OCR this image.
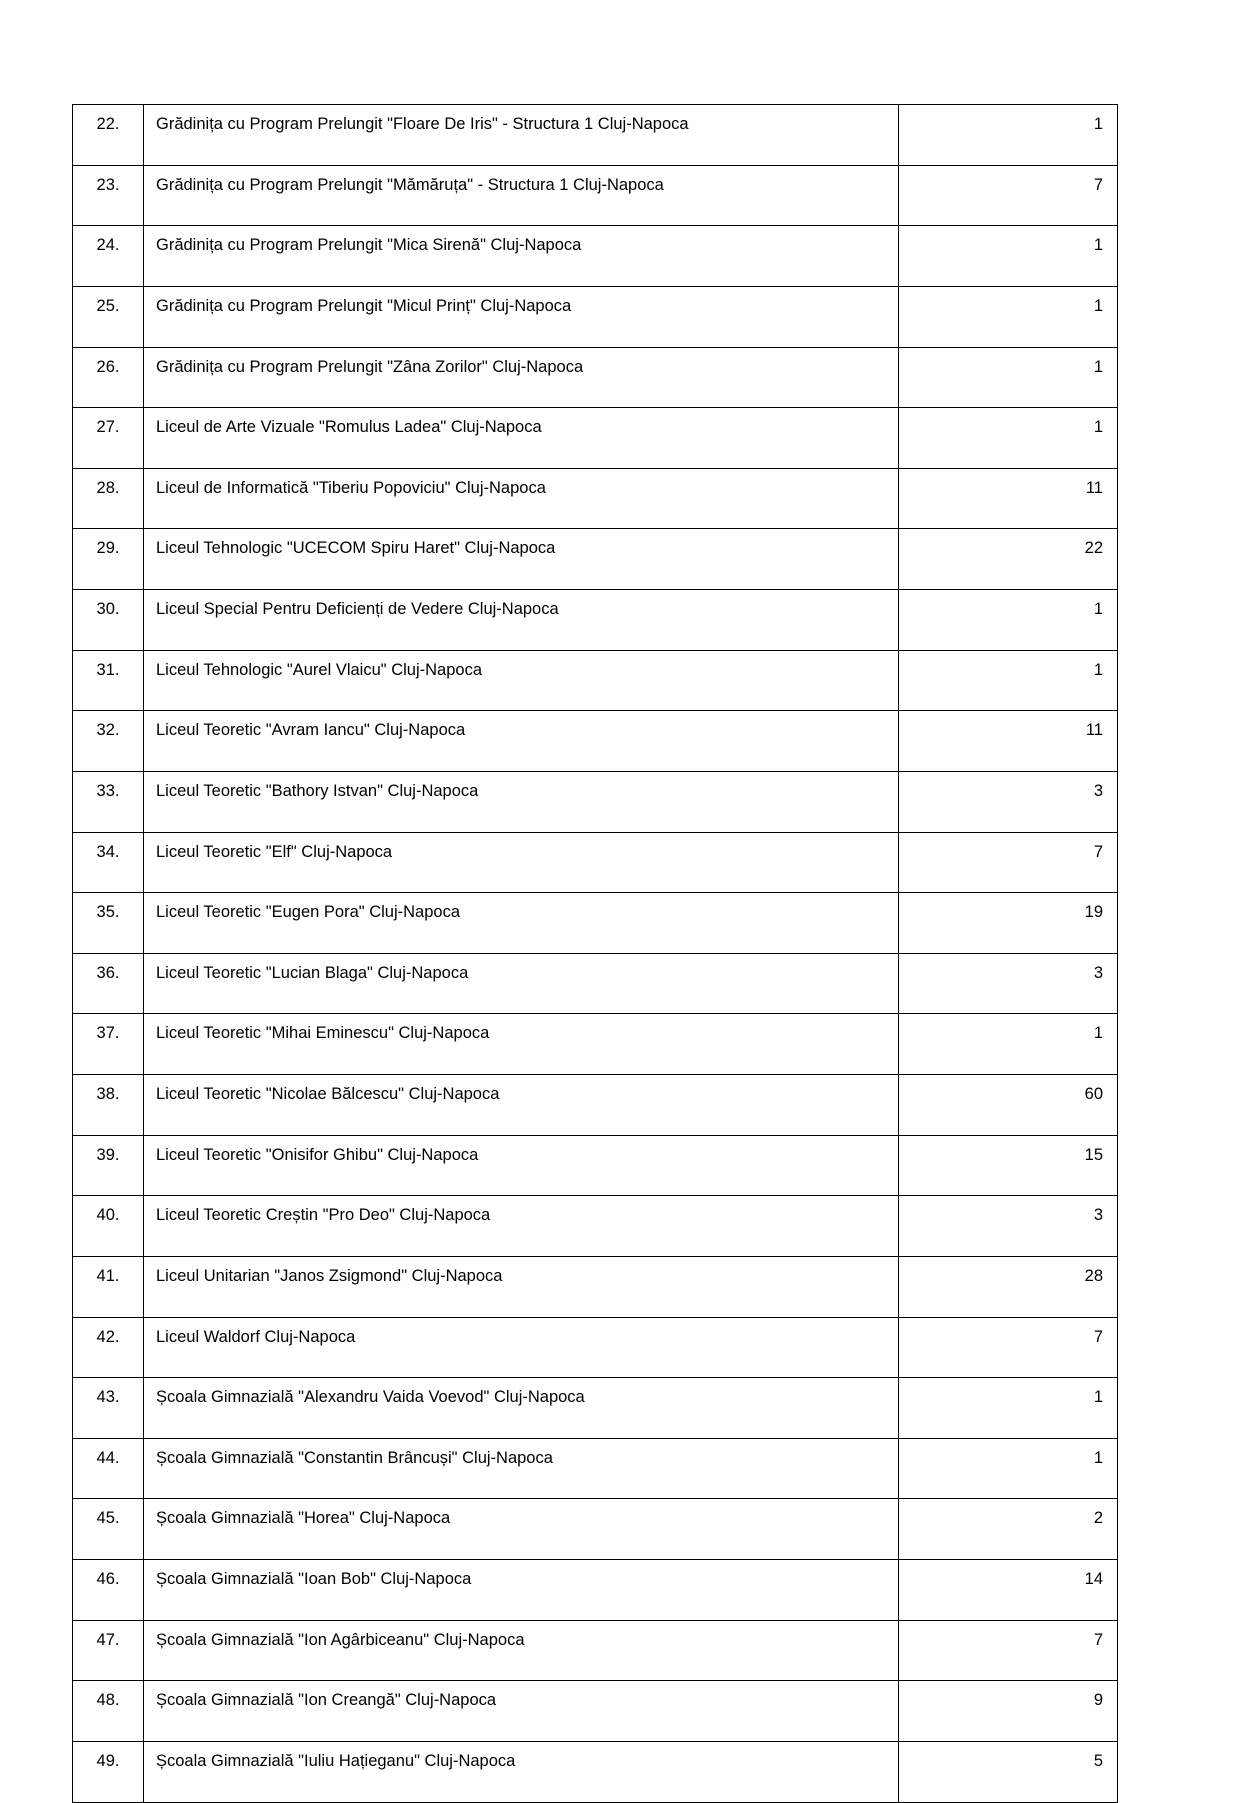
22.	Grădinița cu Program Prelungit "Floare De Iris" - Structura 1 Cluj-Napoca	1
23.	Grădinița cu Program Prelungit "Mămăruța" - Structura 1 Cluj-Napoca	7
24.	Grădinița cu Program Prelungit "Mica Sirenă" Cluj-Napoca	1
25.	Grădinița cu Program Prelungit "Micul Prinț" Cluj-Napoca	1
26.	Grădinița cu Program Prelungit "Zâna Zorilor" Cluj-Napoca	1
27.	Liceul de Arte Vizuale "Romulus Ladea" Cluj-Napoca	1
28.	Liceul de Informatică "Tiberiu Popoviciu" Cluj-Napoca	11
29.	Liceul Tehnologic "UCECOM Spiru Haret" Cluj-Napoca	22
30.	Liceul Special Pentru Deficienți de Vedere Cluj-Napoca	1
31.	Liceul Tehnologic "Aurel Vlaicu" Cluj-Napoca	1
32.	Liceul Teoretic "Avram Iancu" Cluj-Napoca	11
33.	Liceul Teoretic "Bathory Istvan" Cluj-Napoca	3
34.	Liceul Teoretic "Elf" Cluj-Napoca	7
35.	Liceul Teoretic "Eugen Pora" Cluj-Napoca	19
36.	Liceul Teoretic "Lucian Blaga" Cluj-Napoca	3
37.	Liceul Teoretic "Mihai Eminescu" Cluj-Napoca	1
38.	Liceul Teoretic "Nicolae Bălcescu" Cluj-Napoca	60
39.	Liceul Teoretic "Onisifor Ghibu" Cluj-Napoca	15
40.	Liceul Teoretic Creștin "Pro Deo" Cluj-Napoca	3
41.	Liceul Unitarian "Janos Zsigmond" Cluj-Napoca	28
42.	Liceul Waldorf Cluj-Napoca	7
43.	Școala Gimnazială "Alexandru Vaida Voevod" Cluj-Napoca	1
44.	Școala Gimnazială "Constantin Brâncuși" Cluj-Napoca	1
45.	Școala Gimnazială "Horea" Cluj-Napoca	2
46.	Școala Gimnazială "Ioan Bob" Cluj-Napoca	14
47.	Școala Gimnazială "Ion Agârbiceanu" Cluj-Napoca	7
48.	Școala Gimnazială "Ion Creangă" Cluj-Napoca	9
49.	Școala Gimnazială "Iuliu Hațieganu" Cluj-Napoca	5
